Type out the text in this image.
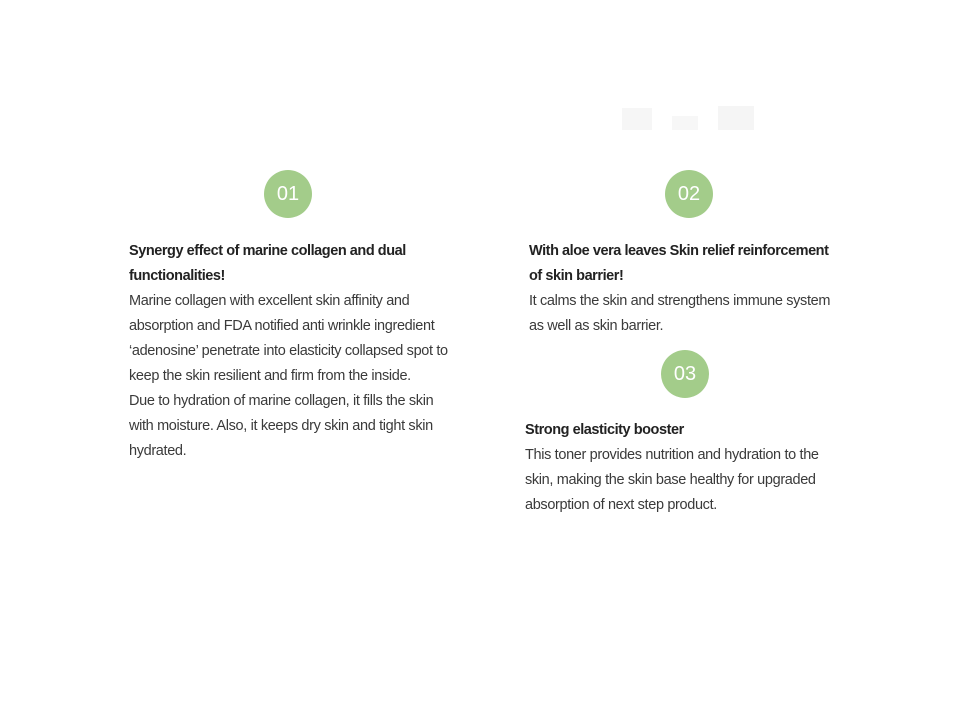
01

Synergy effect of marine collagen and dual functionalities!

Marine collagen with excellent skin affinity and absorption and FDA notified anti wrinkle ingredient ‘adenosine’ penetrate into elasticity collapsed spot to keep the skin resilient and firm from the inside.

Due to hydration of marine collagen, it fills the skin with moisture. Also, it keeps dry skin and tight skin hydrated.

02

With aloe vera leaves Skin relief reinforcement of skin barrier!

It calms the skin and strengthens immune system as well as skin barrier.

03

Strong elasticity booster

This toner provides nutrition and hydration to the skin, making the skin base healthy for upgraded absorption of next step product.
